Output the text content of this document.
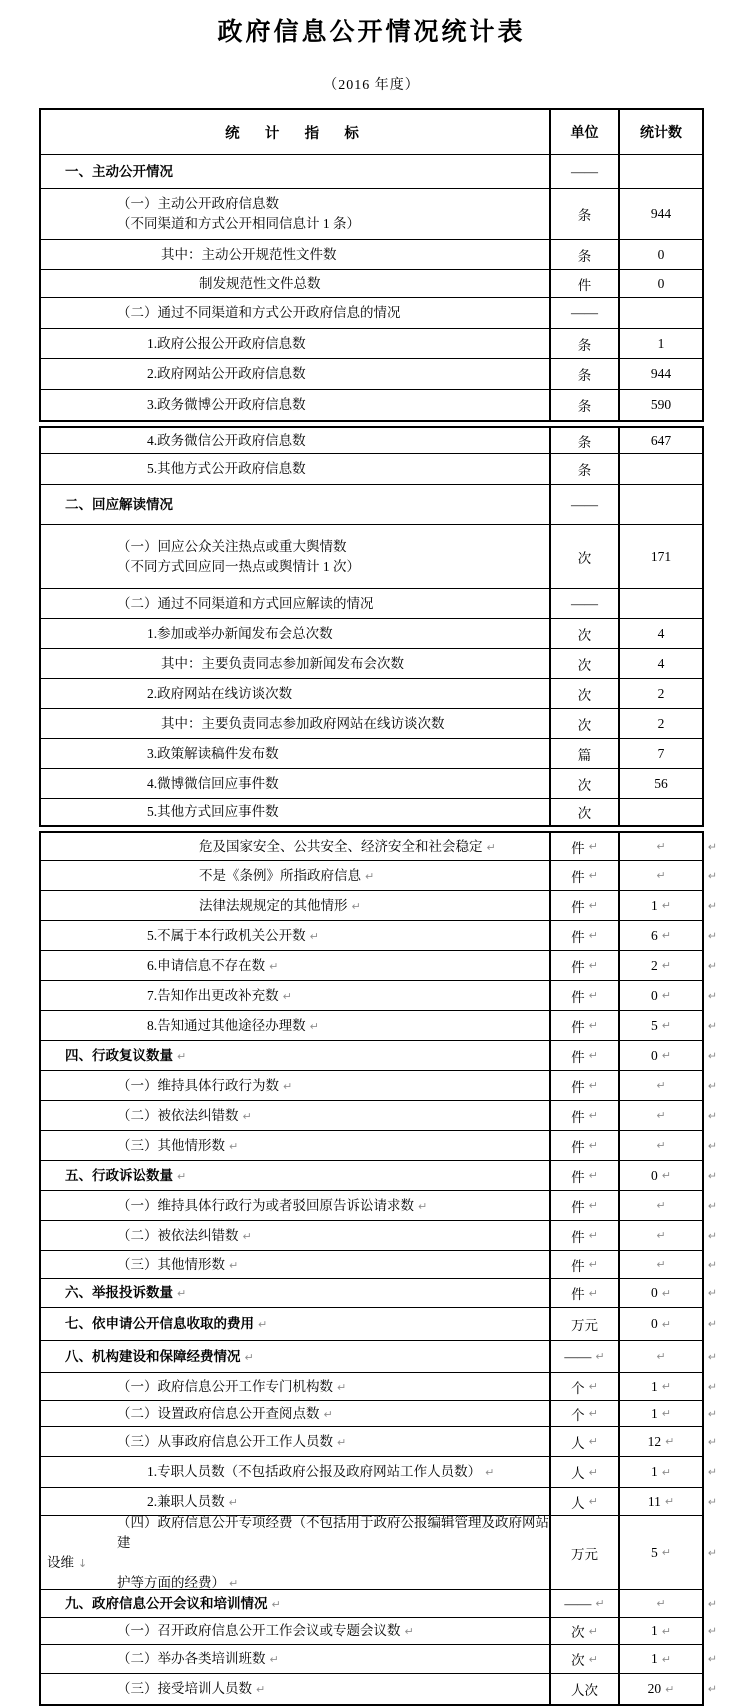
政府信息公开情况统计表
（2016 年度）
统  计  指  标	单位	统计数
一、主动公开情况	——
（一）主动公开政府信息数
（不同渠道和方式公开相同信息计 1 条）
条	944
其中：主动公开规范性文件数	条	0
制发规范性文件总数	件	0
（二）通过不同渠道和方式公开政府信息的情况	——
1.政府公报公开政府信息数	条	1
2.政府网站公开政府信息数	条	944
3.政务微博公开政府信息数	条	590
4.政务微信公开政府信息数	条	647
5.其他方式公开政府信息数	条
二、回应解读情况	——
（一）回应公众关注热点或重大舆情数
（不同方式回应同一热点或舆情计 1 次）
次	171
（二）通过不同渠道和方式回应解读的情况	——
1.参加或举办新闻发布会总次数	次	4
其中：主要负责同志参加新闻发布会次数	次	4
2.政府网站在线访谈次数	次	2
其中：主要负责同志参加政府网站在线访谈次数	次	2
3.政策解读稿件发布数	篇	7
4.微博微信回应事件数	次	56
5.其他方式回应事件数	次
危及国家安全、公共安全、经济安全和社会稳定 ↵	件 ↵	↵	↵
不是《条例》所指政府信息 ↵	件 ↵	↵	↵
法律法规规定的其他情形 ↵	件 ↵	1 ↵	↵
5.不属于本行政机关公开数 ↵	件 ↵	6 ↵	↵
6.申请信息不存在数 ↵	件 ↵	2 ↵	↵
7.告知作出更改补充数 ↵	件 ↵	0 ↵	↵
8.告知通过其他途径办理数 ↵	件 ↵	5 ↵	↵
四、行政复议数量 ↵	件 ↵	0 ↵	↵
（一）维持具体行政行为数 ↵	件 ↵	↵	↵
（二）被依法纠错数 ↵	件 ↵	↵	↵
（三）其他情形数 ↵	件 ↵	↵	↵
五、行政诉讼数量 ↵	件 ↵	0 ↵	↵
（一）维持具体行政行为或者驳回原告诉讼请求数 ↵	件 ↵	↵	↵
（二）被依法纠错数 ↵	件 ↵	↵	↵
（三）其他情形数 ↵	件 ↵	↵	↵
六、举报投诉数量 ↵	件 ↵	0 ↵	↵
七、依申请公开信息收取的费用 ↵	万元	0 ↵	↵
八、机构建设和保障经费情况 ↵	—— ↵	↵	↵
（一）政府信息公开工作专门机构数 ↵	个 ↵	1 ↵	↵
（二）设置政府信息公开查阅点数 ↵	个 ↵	1 ↵	↵
（三）从事政府信息公开工作人员数 ↵	人 ↵	12 ↵	↵
1.专职人员数（不包括政府公报及政府网站工作人员数） ↵	人 ↵	1 ↵	↵
2.兼职人员数 ↵	人 ↵	11 ↵	↵
（四）政府信息公开专项经费（不包括用于政府公报编辑管理及政府网站建
设维 ↓
护等方面的经费） ↵
万元	5 ↵	↵
九、政府信息公开会议和培训情况 ↵	—— ↵	↵	↵
（一）召开政府信息公开工作会议或专题会议数 ↵	次 ↵	1 ↵	↵
（二）举办各类培训班数 ↵	次 ↵	1 ↵	↵
（三）接受培训人员数 ↵	人次	20 ↵	↵
